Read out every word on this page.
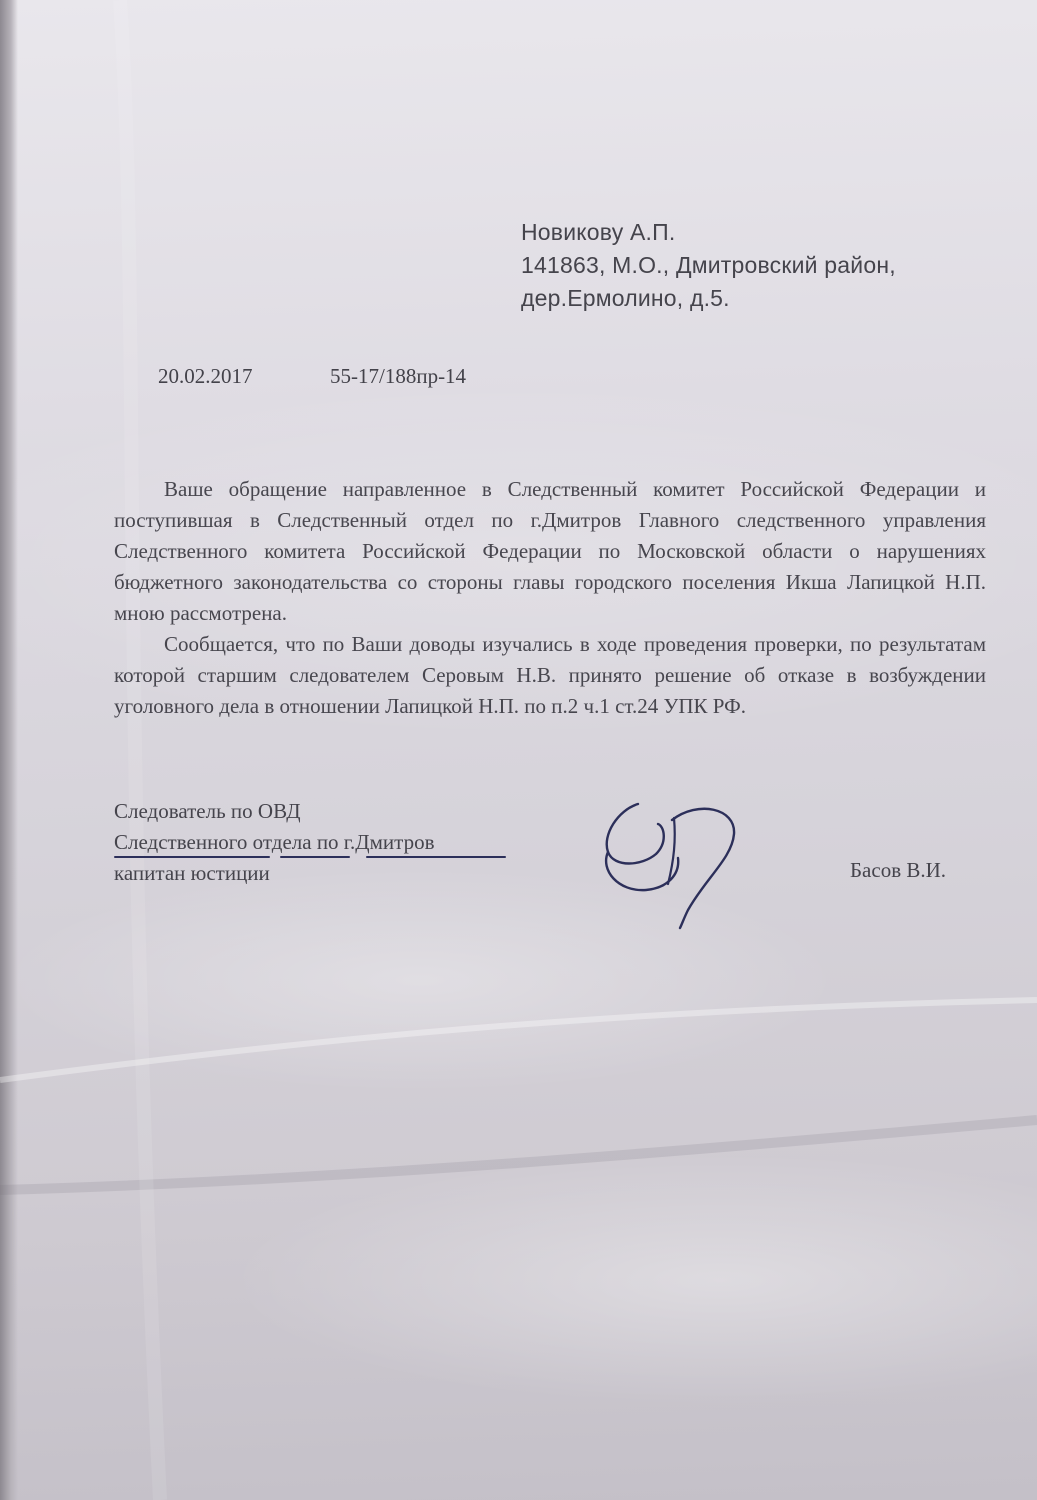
Новикову А.П.
141863, М.О., Дмитровский район,
дер.Ермолино, д.5.
20.02.2017	55-17/188пр-14

Ваше обращение направленное в Следственный комитет Российской Федерации и поступившая в Следственный отдел по г.Дмитров Главного следственного управления Следственного комитета Российской Федерации по Московской области о нарушениях бюджетного законодательства со стороны главы городского поселения Икша Лапицкой Н.П. мною рассмотрена.

Сообщается, что по Ваши доводы изучались в ходе проведения проверки, по результатам которой старшим следователем Серовым Н.В. принято решение об отказе в возбуждении уголовного дела в отношении Лапицкой Н.П. по п.2 ч.1 ст.24 УПК РФ.

Следователь по ОВД
Следственного отдела по г.Дмитров
капитан юстиции	Басов В.И.
